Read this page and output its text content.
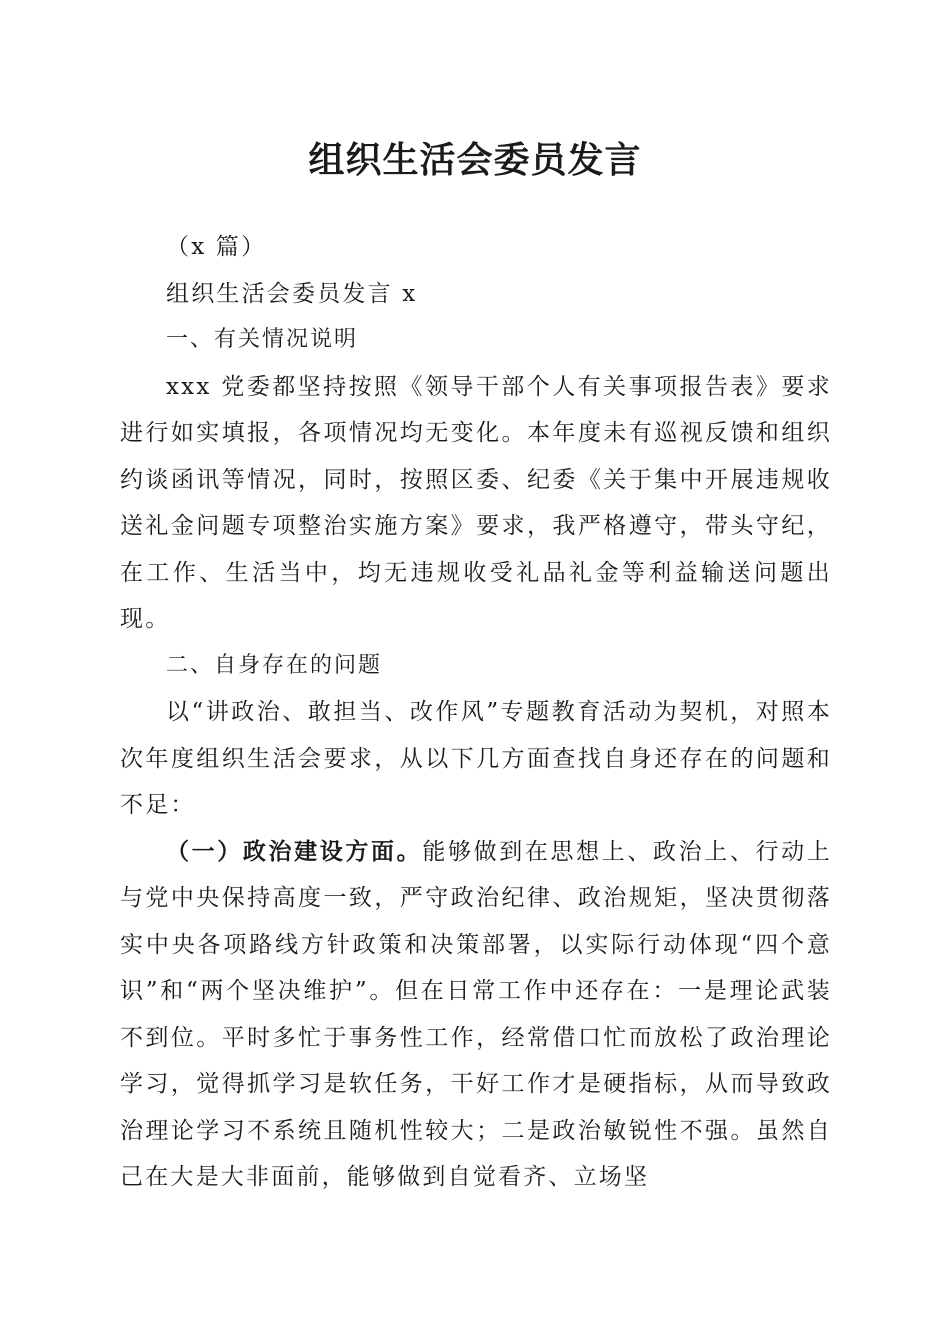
组织生活会委员发言

（x 篇）

组织生活会委员发言 x

一、有关情况说明

xxx 党委都坚持按照《领导干部个人有关事项报告表》要求进行如实填报，各项情况均无变化。本年度未有巡视反馈和组织约谈函讯等情况，同时，按照区委、纪委《关于集中开展违规收送礼金问题专项整治实施方案》要求，我严格遵守，带头守纪，在工作、生活当中，均无违规收受礼品礼金等利益输送问题出现。

二、自身存在的问题

以“讲政治、敢担当、改作风”专题教育活动为契机，对照本次年度组织生活会要求，从以下几方面查找自身还存在的问题和不足：

（一）政治建设方面。能够做到在思想上、政治上、行动上与党中央保持高度一致，严守政治纪律、政治规矩，坚决贯彻落实中央各项路线方针政策和决策部署，以实际行动体现“四个意识”和“两个坚决维护”。但在日常工作中还存在：一是理论武装不到位。平时多忙于事务性工作，经常借口忙而放松了政治理论学习，觉得抓学习是软任务，干好工作才是硬指标，从而导致政治理论学习不系统且随机性较大；二是政治敏锐性不强。虽然自己在大是大非面前，能够做到自觉看齐、立场坚
